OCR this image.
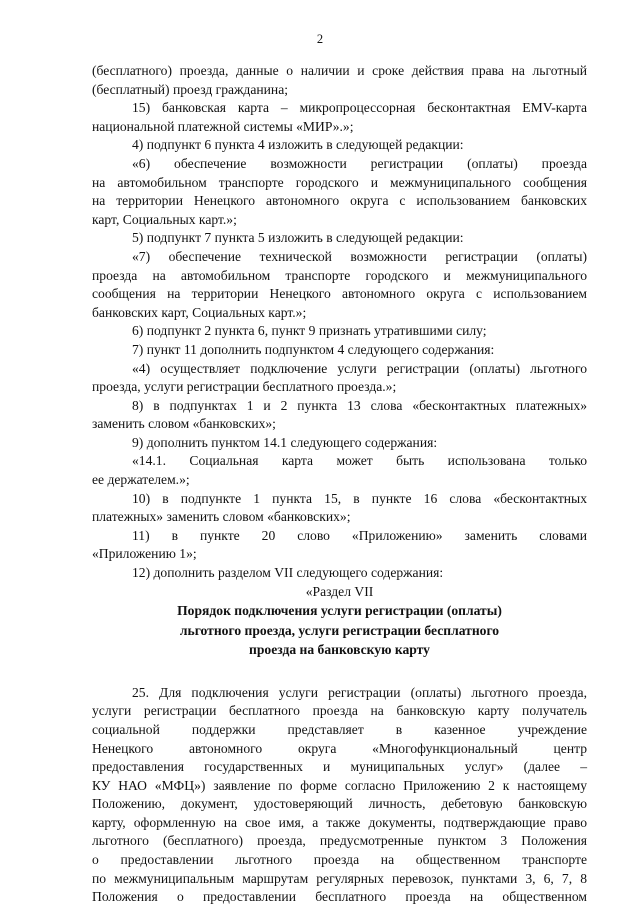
2
(бесплатного) проезда, данные о наличии и сроке действия права на льготный
(бесплатный) проезд гражданина;
15) банковская карта – микропроцессорная бесконтактная EMV-карта
национальной платежной системы «МИР».»;
4) подпункт 6 пункта 4 изложить в следующей редакции:
«6) обеспечение возможности регистрации (оплаты) проезда
на автомобильном транспорте городского и межмуниципального сообщения
на территории Ненецкого автономного округа с использованием банковских
карт, Социальных карт.»;
5) подпункт 7 пункта 5 изложить в следующей редакции:
«7) обеспечение технической возможности регистрации (оплаты)
проезда на автомобильном транспорте городского и межмуниципального
сообщения на территории Ненецкого автономного округа с использованием
банковских карт, Социальных карт.»;
6) подпункт 2 пункта 6, пункт 9 признать утратившими силу;
7) пункт 11 дополнить подпунктом 4 следующего содержания:
«4) осуществляет подключение услуги регистрации (оплаты) льготного
проезда, услуги регистрации бесплатного проезда.»;
8) в подпунктах 1 и 2 пункта 13 слова «бесконтактных платежных»
заменить словом «банковских»;
9) дополнить пунктом 14.1 следующего содержания:
«14.1. Социальная карта может быть использована только
ее держателем.»;
10) в подпункте 1 пункта 15, в пункте 16 слова «бесконтактных
платежных» заменить словом «банковских»;
11) в пункте 20 слово «Приложению» заменить словами
«Приложению 1»;
12) дополнить разделом VII следующего содержания:
«Раздел VII
Порядок подключения услуги регистрации (оплаты)
льготного проезда, услуги регистрации бесплатного
проезда на банковскую карту
25. Для подключения услуги регистрации (оплаты) льготного проезда,
услуги регистрации бесплатного проезда на банковскую карту получатель
социальной поддержки представляет в казенное учреждение
Ненецкого автономного округа «Многофункциональный центр
предоставления государственных и муниципальных услуг» (далее –
КУ НАО «МФЦ») заявление по форме согласно Приложению 2 к настоящему
Положению, документ, удостоверяющий личность, дебетовую банковскую
карту, оформленную на свое имя, а также документы, подтверждающие право
льготного (бесплатного) проезда, предусмотренные пунктом 3 Положения
о предоставлении льготного проезда на общественном транспорте
по межмуниципальным маршрутам регулярных перевозок, пунктами 3, 6, 7, 8
Положения о предоставлении бесплатного проезда на общественном
